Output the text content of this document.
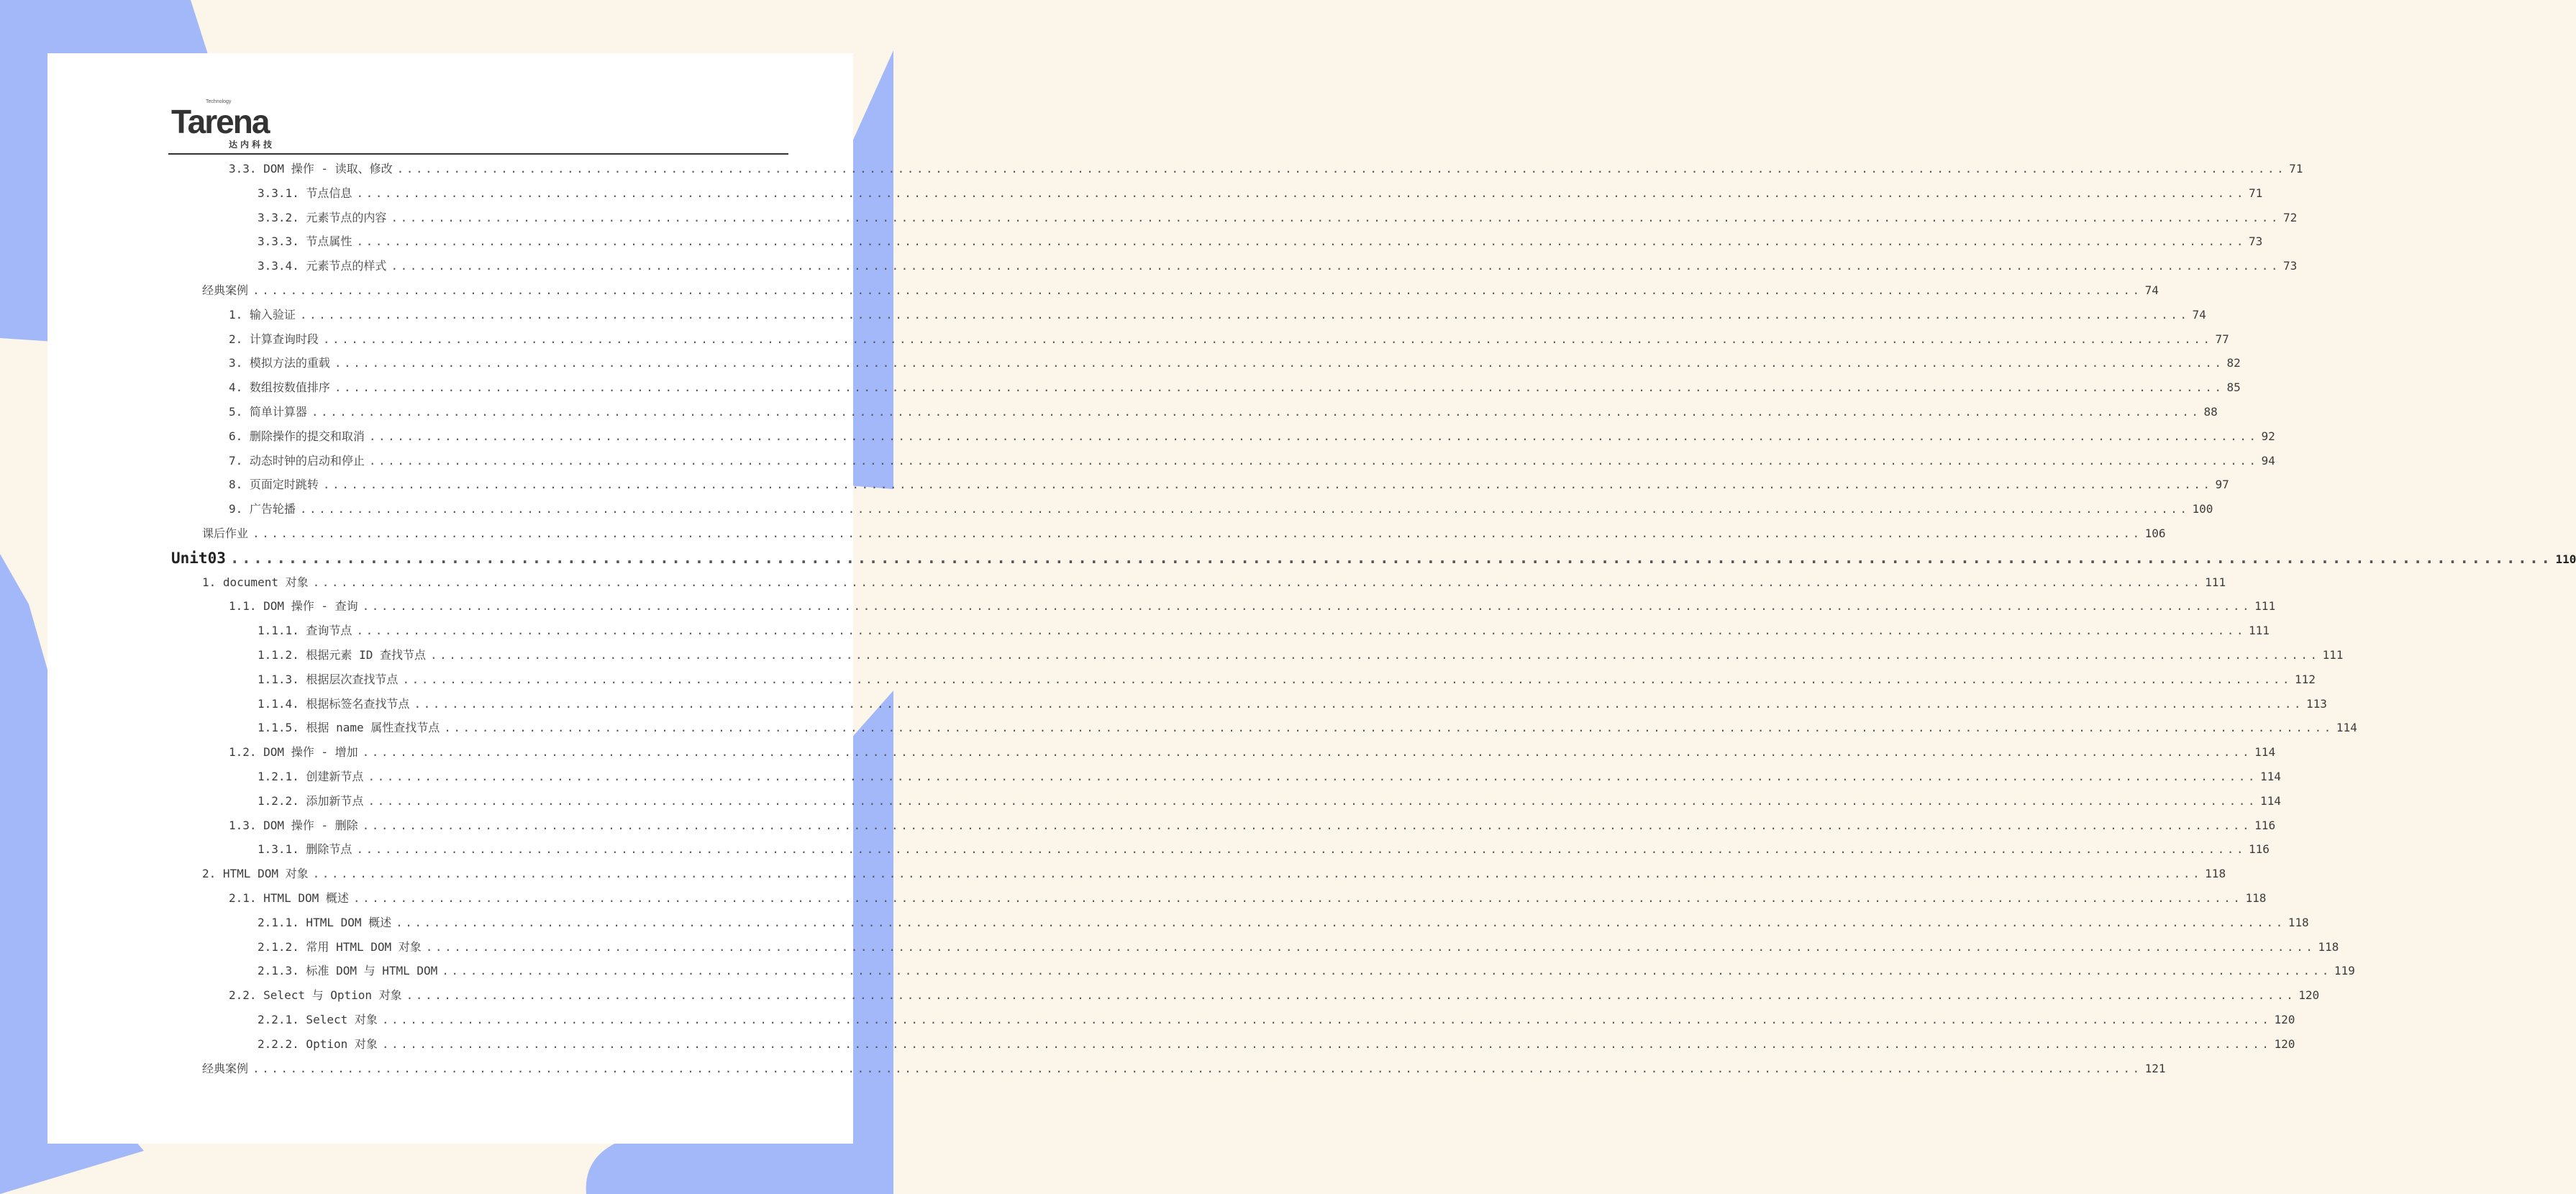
Technology
Tarena
达内科技
3.3. DOM 操作 - 读取、修改 ........................................................................................................................................................................................................ 71
3.3.1. 节点信息 ........................................................................................................................................................................................................ 71
3.3.2. 元素节点的内容 ........................................................................................................................................................................................................ 72
3.3.3. 节点属性 ........................................................................................................................................................................................................ 73
3.3.4. 元素节点的样式 ........................................................................................................................................................................................................ 73
经典案例 ........................................................................................................................................................................................................ 74
1. 输入验证 ........................................................................................................................................................................................................ 74
2. 计算查询时段 ........................................................................................................................................................................................................ 77
3. 模拟方法的重载 ........................................................................................................................................................................................................ 82
4. 数组按数值排序 ........................................................................................................................................................................................................ 85
5. 简单计算器 ........................................................................................................................................................................................................ 88
6. 删除操作的提交和取消 ........................................................................................................................................................................................................ 92
7. 动态时钟的启动和停止 ........................................................................................................................................................................................................ 94
8. 页面定时跳转 ........................................................................................................................................................................................................ 97
9. 广告轮播 ........................................................................................................................................................................................................ 100
课后作业 ........................................................................................................................................................................................................ 106
Unit03 ........................................................................................................................................................................................................ 110
1. document 对象 ........................................................................................................................................................................................................ 111
1.1. DOM 操作 - 查询 ........................................................................................................................................................................................................ 111
1.1.1. 查询节点 ........................................................................................................................................................................................................ 111
1.1.2. 根据元素 ID 查找节点 ........................................................................................................................................................................................................ 111
1.1.3. 根据层次查找节点 ........................................................................................................................................................................................................ 112
1.1.4. 根据标签名查找节点 ........................................................................................................................................................................................................ 113
1.1.5. 根据 name 属性查找节点 ........................................................................................................................................................................................................ 114
1.2. DOM 操作 - 增加 ........................................................................................................................................................................................................ 114
1.2.1. 创建新节点 ........................................................................................................................................................................................................ 114
1.2.2. 添加新节点 ........................................................................................................................................................................................................ 114
1.3. DOM 操作 - 删除 ........................................................................................................................................................................................................ 116
1.3.1. 删除节点 ........................................................................................................................................................................................................ 116
2. HTML DOM 对象 ........................................................................................................................................................................................................ 118
2.1. HTML DOM 概述 ........................................................................................................................................................................................................ 118
2.1.1. HTML DOM 概述 ........................................................................................................................................................................................................ 118
2.1.2. 常用 HTML DOM 对象 ........................................................................................................................................................................................................ 118
2.1.3. 标准 DOM 与 HTML DOM ........................................................................................................................................................................................................ 119
2.2. Select 与 Option 对象 ........................................................................................................................................................................................................ 120
2.2.1. Select 对象 ........................................................................................................................................................................................................ 120
2.2.2. Option 对象 ........................................................................................................................................................................................................ 120
经典案例 ........................................................................................................................................................................................................ 121
